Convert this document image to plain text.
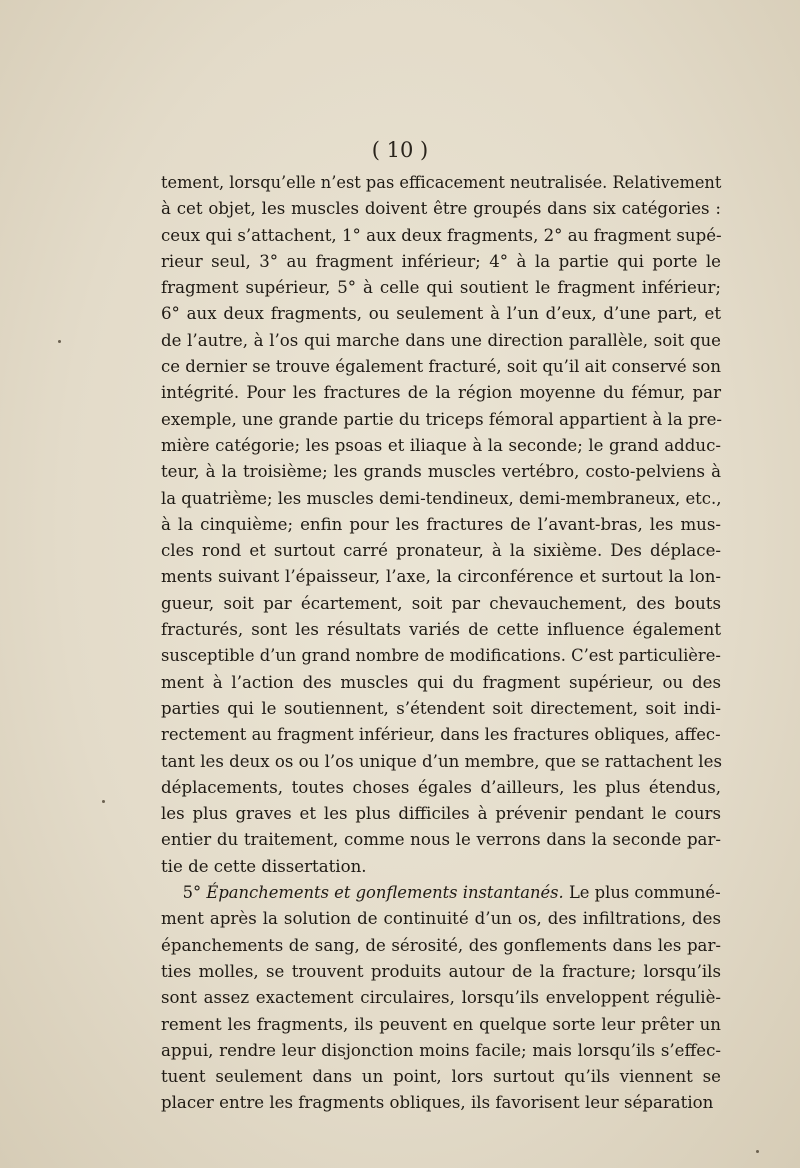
( 10 )
tement, lorsqu’elle n’est pas efficacement neutralisée. Relativement
à cet objet, les muscles doivent être groupés dans six catégories :
ceux qui s’attachent, 1° aux deux fragments, 2° au fragment supé-
rieur seul, 3° au fragment inférieur; 4° à la partie qui porte le
fragment supérieur, 5° à celle qui soutient le fragment inférieur;
6° aux deux fragments, ou seulement à l’un d’eux, d’une part, et
de l’autre, à l’os qui marche dans une direction parallèle, soit que
ce dernier se trouve également fracturé, soit qu’il ait conservé son
intégrité. Pour les fractures de la région moyenne du fémur, par
exemple, une grande partie du triceps fémoral appartient à la pre-
mière catégorie; les psoas et iliaque à la seconde; le grand adduc-
teur, à la troisième; les grands muscles vertébro, costo-pelviens à
la quatrième; les muscles demi-tendineux, demi-membraneux, etc.,
à la cinquième; enfin pour les fractures de l’avant-bras, les mus-
cles rond et surtout carré pronateur, à la sixième. Des déplace-
ments suivant l’épaisseur, l’axe, la circonférence et surtout la lon-
gueur, soit par écartement, soit par chevauchement, des bouts
fracturés, sont les résultats variés de cette influence également
susceptible d’un grand nombre de modifications. C’est particulière-
ment à l’action des muscles qui du fragment supérieur, ou des
parties qui le soutiennent, s’étendent soit directement, soit indi-
rectement au fragment inférieur, dans les fractures obliques, affec-
tant les deux os ou l’os unique d’un membre, que se rattachent les
déplacements, toutes choses égales d’ailleurs, les plus étendus,
les plus graves et les plus difficiles à prévenir pendant le cours
entier du traitement, comme nous le verrons dans la seconde par-
tie de cette dissertation.
5° Épanchements et gonflements instantanés. Le plus communé-
ment après la solution de continuité d’un os, des infiltrations, des
épanchements de sang, de sérosité, des gonflements dans les par-
ties molles, se trouvent produits autour de la fracture; lorsqu’ils
sont assez exactement circulaires, lorsqu’ils enveloppent réguliè-
rement les fragments, ils peuvent en quelque sorte leur prêter un
appui, rendre leur disjonction moins facile; mais lorsqu’ils s’effec-
tuent seulement dans un point, lors surtout qu’ils viennent se
placer entre les fragments obliques, ils favorisent leur séparation
